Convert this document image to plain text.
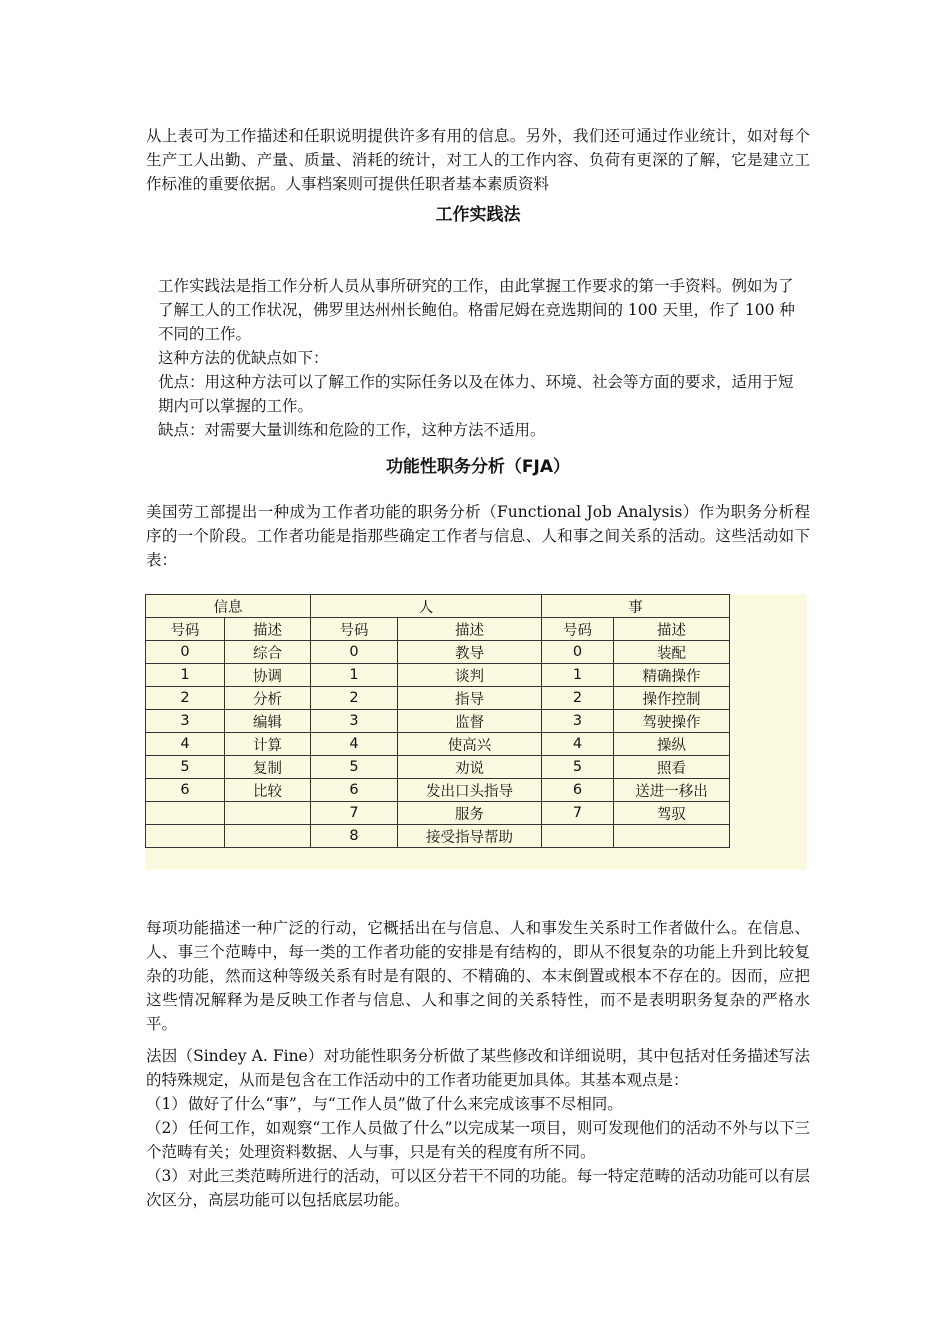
从上表可为工作描述和任职说明提供许多有用的信息。另外，我们还可通过作业统计，如对每个生产工人出勤、产量、质量、消耗的统计，对工人的工作内容、负荷有更深的了解，它是建立工作标准的重要依据。人事档案则可提供任职者基本素质资料
工作实践法
工作实践法是指工作分析人员从事所研究的工作，由此掌握工作要求的第一手资料。例如为了了解工人的工作状况，佛罗里达州州长鲍伯。格雷尼姆在竞选期间的 100 天里，作了 100 种不同的工作。
这种方法的优缺点如下：
优点：用这种方法可以了解工作的实际任务以及在体力、环境、社会等方面的要求，适用于短期内可以掌握的工作。
缺点：对需要大量训练和危险的工作，这种方法不适用。
功能性职务分析（FJA）
美国劳工部提出一种成为工作者功能的职务分析（Functional Job Analysis）作为职务分析程序的一个阶段。工作者功能是指那些确定工作者与信息、人和事之间关系的活动。这些活动如下表：
信息		人		事	
号码	描述	号码	描述	号码	描述
0	综合	0	教导	0	装配
1	协调	1	谈判	1	精确操作
2	分析	2	指导	2	操作控制
3	编辑	3	监督	3	驾驶操作
4	计算	4	使高兴	4	操纵
5	复制	5	劝说	5	照看
6	比较	6	发出口头指导	6	送进一移出
		7	服务	7	驾驭
		8	接受指导帮助		
每项功能描述一种广泛的行动，它概括出在与信息、人和事发生关系时工作者做什么。在信息、人、事三个范畴中，每一类的工作者功能的安排是有结构的，即从不很复杂的功能上升到比较复杂的功能，然而这种等级关系有时是有限的、不精确的、本末倒置或根本不存在的。因而，应把这些情况解释为是反映工作者与信息、人和事之间的关系特性，而不是表明职务复杂的严格水平。
法因（Sindey A. Fine）对功能性职务分析做了某些修改和详细说明，其中包括对任务描述写法的特殊规定，从而是包含在工作活动中的工作者功能更加具体。其基本观点是：
（1）做好了什么“事”，与“工作人员”做了什么来完成该事不尽相同。
（2）任何工作，如观察“工作人员做了什么”以完成某一项目，则可发现他们的活动不外与以下三个范畴有关；处理资料数据、人与事，只是有关的程度有所不同。
（3）对此三类范畴所进行的活动，可以区分若干不同的功能。每一特定范畴的活动功能可以有层次区分，高层功能可以包括底层功能。
